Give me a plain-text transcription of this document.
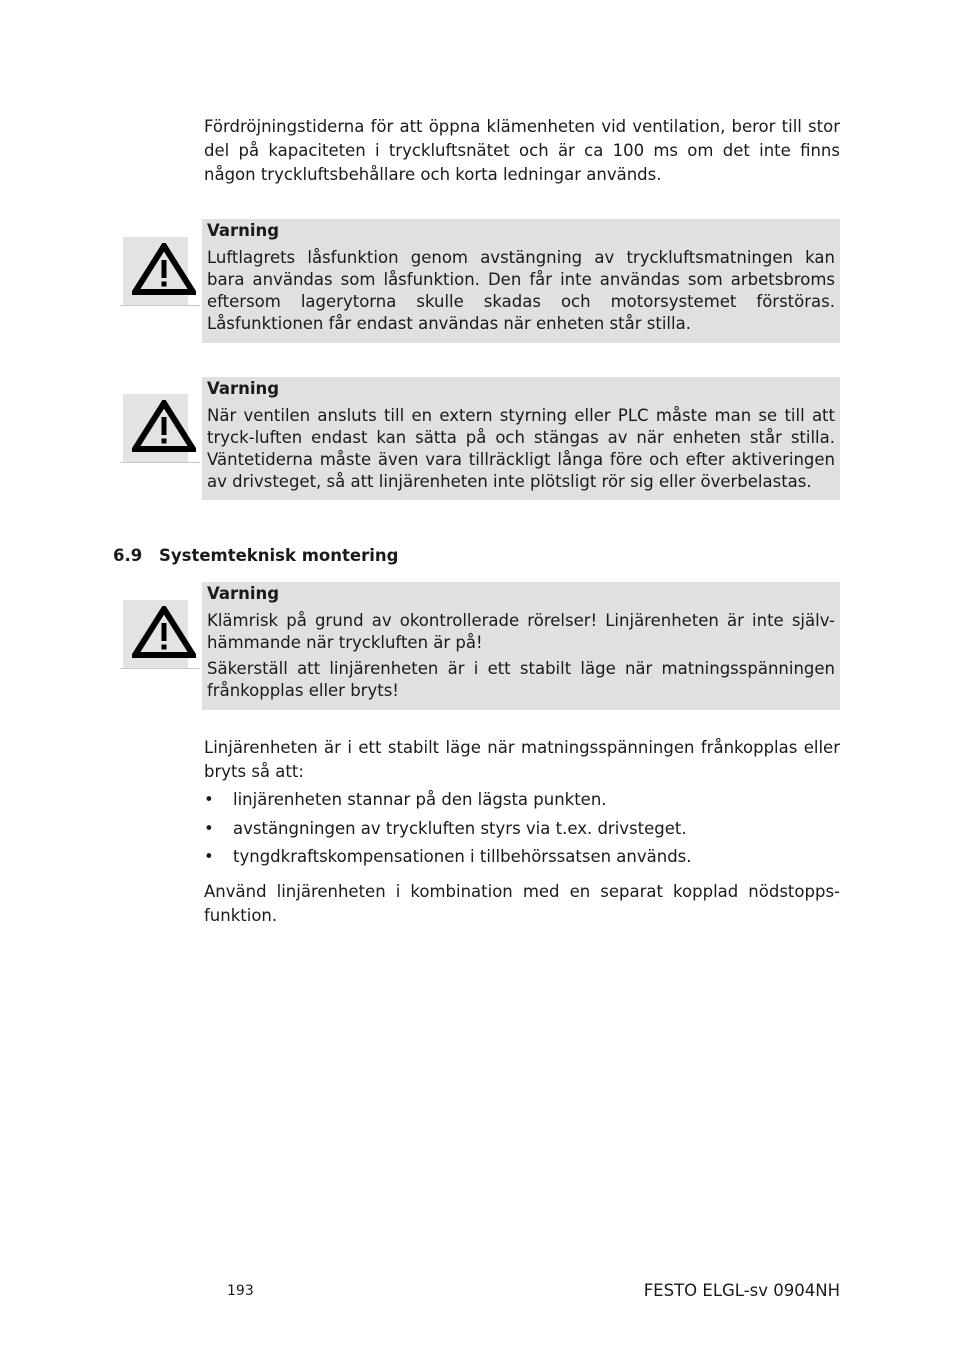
Fördröjningstiderna för att öppna klämenheten vid ventilation, beror till stor del på kapaciteten i tryckluftsnätet och är ca 100 ms om det inte finns någon tryckluftsbehållare och korta ledningar används.

Varning

Luftlagrets låsfunktion genom avstängning av tryckluftsmatningen kan bara användas som låsfunktion. Den får inte användas som arbetsbroms eftersom lagerytorna skulle skadas och motorsystemet förstöras. Låsfunktionen får endast användas när enheten står stilla.

Varning

När ventilen ansluts till en extern styrning eller PLC måste man se till att tryck-luften endast kan sätta på och stängas av när enheten står stilla. Väntetiderna måste även vara tillräckligt långa före och efter aktiveringen av drivsteget, så att linjärenheten inte plötsligt rör sig eller överbelastas.

6.9 Systemteknisk montering

Varning

Klämrisk på grund av okontrollerade rörelser! Linjärenheten är inte själv-hämmande när tryckluften är på!

Säkerställ att linjärenheten är i ett stabilt läge när matningsspänningen frånkopplas eller bryts!

Linjärenheten är i ett stabilt läge när matningsspänningen frånkopplas eller bryts så att:

• linjärenheten stannar på den lägsta punkten.
• avstängningen av tryckluften styrs via t.ex. drivsteget.
• tyngdkraftskompensationen i tillbehörssatsen används.

Använd linjärenheten i kombination med en separat kopplad nödstopps-funktion.

193	FESTO ELGL-sv 0904NH
